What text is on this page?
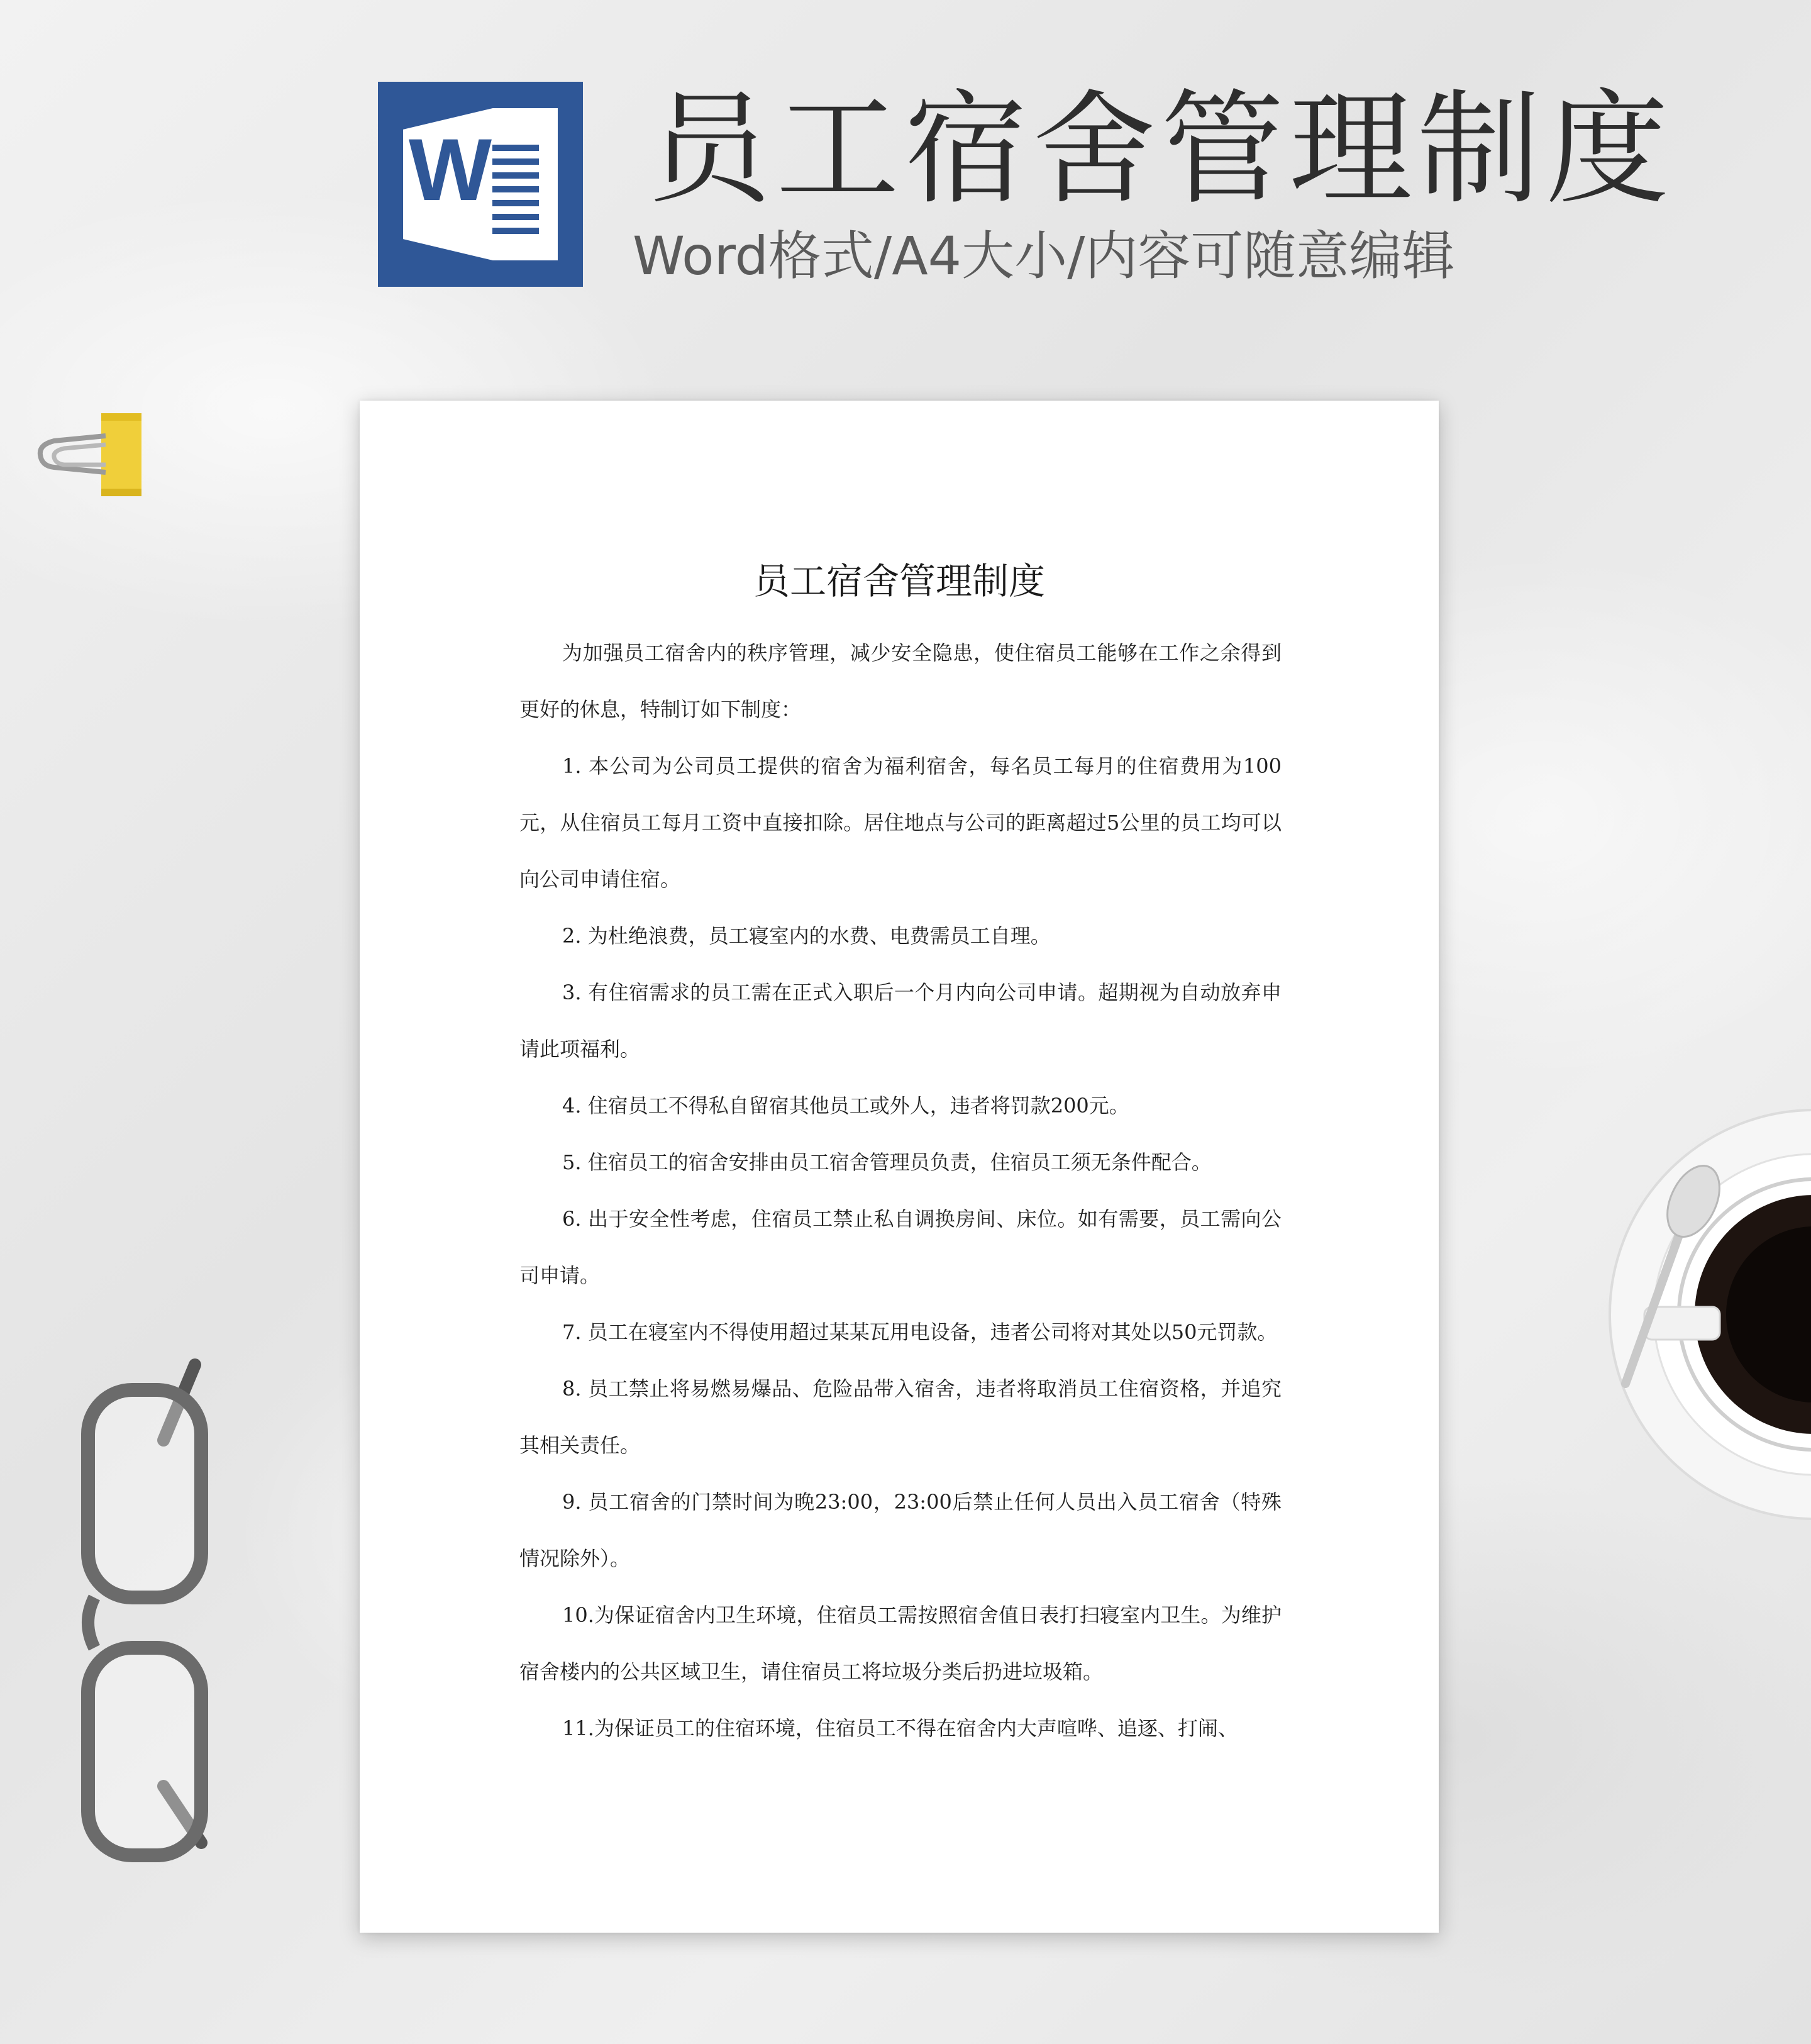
W 员工宿舍管理制度
Word格式/A4大小/内容可随意编辑
员工宿舍管理制度

为加强员工宿舍内的秩序管理，减少安全隐患，使住宿员工能够在工作之余得到更好的休息，特制订如下制度：

1. 本公司为公司员工提供的宿舍为福利宿舍，每名员工每月的住宿费用为100元，从住宿员工每月工资中直接扣除。居住地点与公司的距离超过5公里的员工均可以向公司申请住宿。

2. 为杜绝浪费，员工寝室内的水费、电费需员工自理。

3. 有住宿需求的员工需在正式入职后一个月内向公司申请。超期视为自动放弃申请此项福利。

4. 住宿员工不得私自留宿其他员工或外人，违者将罚款200元。

5. 住宿员工的宿舍安排由员工宿舍管理员负责，住宿员工须无条件配合。

6. 出于安全性考虑，住宿员工禁止私自调换房间、床位。如有需要，员工需向公司申请。

7. 员工在寝室内不得使用超过某某瓦用电设备，违者公司将对其处以50元罚款。

8. 员工禁止将易燃易爆品、危险品带入宿舍，违者将取消员工住宿资格，并追究其相关责任。

9. 员工宿舍的门禁时间为晚23:00，23:00后禁止任何人员出入员工宿舍（特殊情况除外）。

10.为保证宿舍内卫生环境，住宿员工需按照宿舍值日表打扫寝室内卫生。为维护宿舍楼内的公共区域卫生，请住宿员工将垃圾分类后扔进垃圾箱。

11.为保证员工的住宿环境，住宿员工不得在宿舍内大声喧哗、追逐、打闹、
